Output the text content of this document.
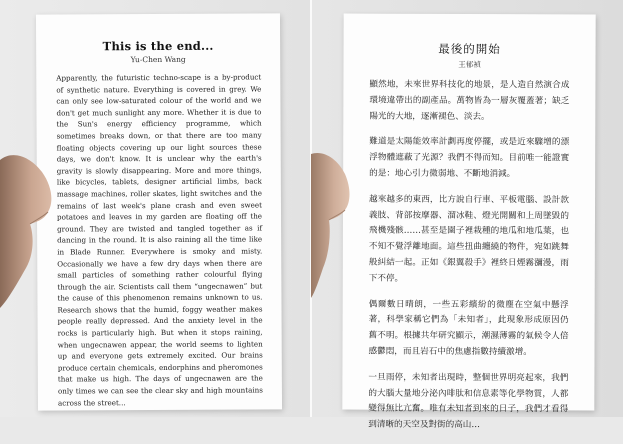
This is the end...
Yu-Chen Wang

Apparently, the futuristic techno-scape is a by-product of synthetic nature. Everything is covered in grey. We can only see low-saturated colour of the world and we don't get much sunlight any more. Whether it is due to the Sun's energy efficiency programme, which sometimes breaks down, or that there are too many floating objects covering up our light sources these days, we don't know. It is unclear why the earth's gravity is slowly disappearing. More and more things, like bicycles, tablets, designer artificial limbs, back massage machines, roller skates, light switches and the remains of last week's plane crash and even sweet potatoes and leaves in my garden are floating off the ground. They are twisted and tangled together as if dancing in the round. It is also raining all the time like in Blade Runner. Everywhere is smoky and misty. Occasionally we have a few dry days when there are small particles of something rather colourful flying through the air. Scientists call them “ungecnawen” but the cause of this phenomenon remains unknown to us. Research shows that the humid, foggy weather makes people really depressed. And the anxiety level in the rocks is particularly high. But when it stops raining, when ungecnawen appear, the world seems to lighten up and everyone gets extremely excited. Our brains produce certain chemicals, endorphins and pheromones that make us high. The days of ungecnawen are the only times we can see the clear sky and high mountains across the street...

最後的開始
王郁禎

顯然地，未來世界科技化的地景，是人造自然演合成環境違帶出的副產品。萬物皆為一層灰覆蓋著；缺乏陽光的大地，逐漸褪色、淡去。

難道是太陽能效率計劃再度停擺，或是近來驟增的漂浮物體遮蔽了光源？我們不得而知。目前唯一能證實的是：地心引力微弱地、不斷地消減。

越來越多的東西，比方說自行車、平板電腦、設計款義肢、背部按摩器、溜冰鞋、燈光開關和上周墜毀的飛機殘骸……甚至是園子裡栽種的地瓜和地瓜葉，也不知不覺浮離地面。這些扭曲纏繞的物件，宛如跳舞般糾結一起。正如《銀翼殺手》裡終日煙霧瀰漫，雨下不停。

偶爾數日晴朗，一些五彩繽紛的微塵在空氣中懸浮著，科學家稱它們為「未知者」，此現象形成原因仍舊不明。根據共年研究顯示，潮濕薄霧的氣候令人倍感鬱悶，而且岩石中的焦慮指數持續激增。

一旦雨停，未知者出現時，整個世界明亮起來，我們的大腦大量地分泌內啡肽和信息素等化學物質，人都變得無比亢奮。唯有未知者到來的日子，我們才看得到清晰的天空及對街的高山…
